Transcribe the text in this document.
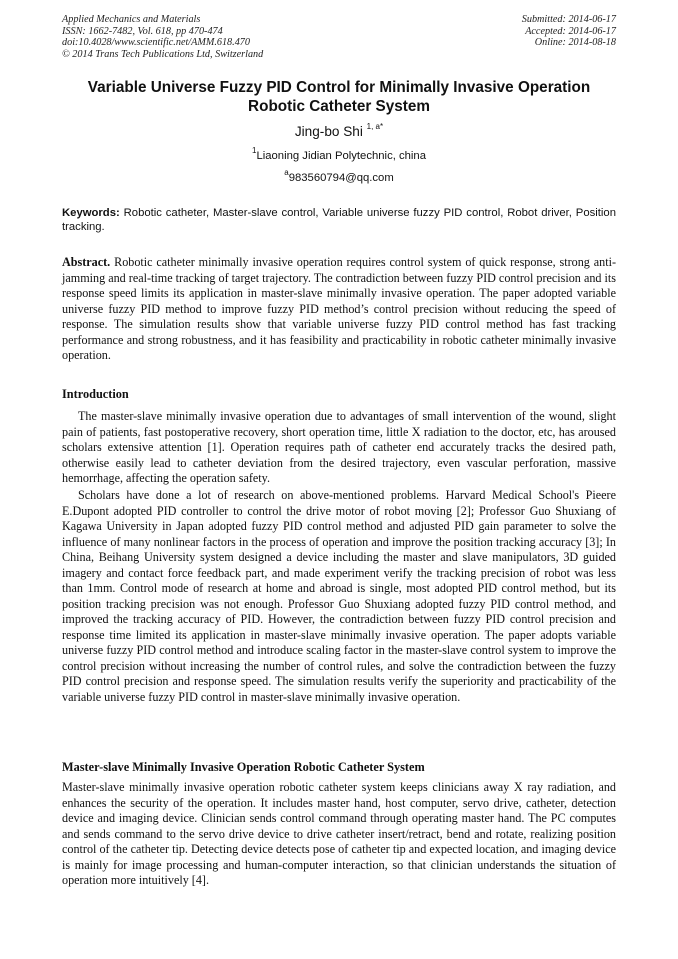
Applied Mechanics and Materials
ISSN: 1662-7482, Vol. 618, pp 470-474
doi:10.4028/www.scientific.net/AMM.618.470
© 2014 Trans Tech Publications Ltd, Switzerland
Submitted: 2014-06-17
Accepted: 2014-06-17
Online: 2014-08-18
Variable Universe Fuzzy PID Control for Minimally Invasive Operation Robotic Catheter System
Jing-bo Shi $^{1, a*}$
$^1$Liaoning Jidian Polytechnic, china
$^a$983560794@qq.com
Keywords: Robotic catheter, Master-slave control, Variable universe fuzzy PID control, Robot driver, Position tracking.
Abstract. Robotic catheter minimally invasive operation requires control system of quick response, strong anti-jamming and real-time tracking of target trajectory. The contradiction between fuzzy PID control precision and its response speed limits its application in master-slave minimally invasive operation. The paper adopted variable universe fuzzy PID method to improve fuzzy PID method’s control precision without reducing the speed of response. The simulation results show that variable universe fuzzy PID control method has fast tracking performance and strong robustness, and it has feasibility and practicability in robotic catheter minimally invasive operation.
Introduction
The master-slave minimally invasive operation due to advantages of small intervention of the wound, slight pain of patients, fast postoperative recovery, short operation time, little X radiation to the doctor, etc, has aroused scholars extensive attention [1]. Operation requires path of catheter end accurately tracks the desired path, otherwise easily lead to catheter deviation from the desired trajectory, even vascular perforation, massive hemorrhage, affecting the operation safety.
Scholars have done a lot of research on above-mentioned problems. Harvard Medical School's Pieere E.Dupont adopted PID controller to control the drive motor of robot moving [2]; Professor Guo Shuxiang of Kagawa University in Japan adopted fuzzy PID control method and adjusted PID gain parameter to solve the influence of many nonlinear factors in the process of operation and improve the position tracking accuracy [3]; In China, Beihang University system designed a device including the master and slave manipulators, 3D guided imagery and contact force feedback part, and made experiment verify the tracking precision of robot was less than 1mm. Control mode of research at home and abroad is single, most adopted PID control method, but its position tracking precision was not enough. Professor Guo Shuxiang adopted fuzzy PID control method, and improved the tracking accuracy of PID. However, the contradiction between fuzzy PID control precision and response time limited its application in master-slave minimally invasive operation. The paper adopts variable universe fuzzy PID control method and introduce scaling factor in the master-slave control system to improve the control precision without increasing the number of control rules, and solve the contradiction between the fuzzy PID control precision and response speed. The simulation results verify the superiority and practicability of the variable universe fuzzy PID control in master-slave minimally invasive operation.
Master-slave Minimally Invasive Operation Robotic Catheter System
Master-slave minimally invasive operation robotic catheter system keeps clinicians away X ray radiation, and enhances the security of the operation. It includes master hand, host computer, servo drive, catheter, detection device and imaging device. Clinician sends control command through operating master hand. The PC computes and sends command to the servo drive device to drive catheter insert/retract, bend and rotate, realizing position control of the catheter tip. Detecting device detects pose of catheter tip and expected location, and imaging device is mainly for image processing and human-computer interaction, so that clinician understands the situation of operation more intuitively [4].
